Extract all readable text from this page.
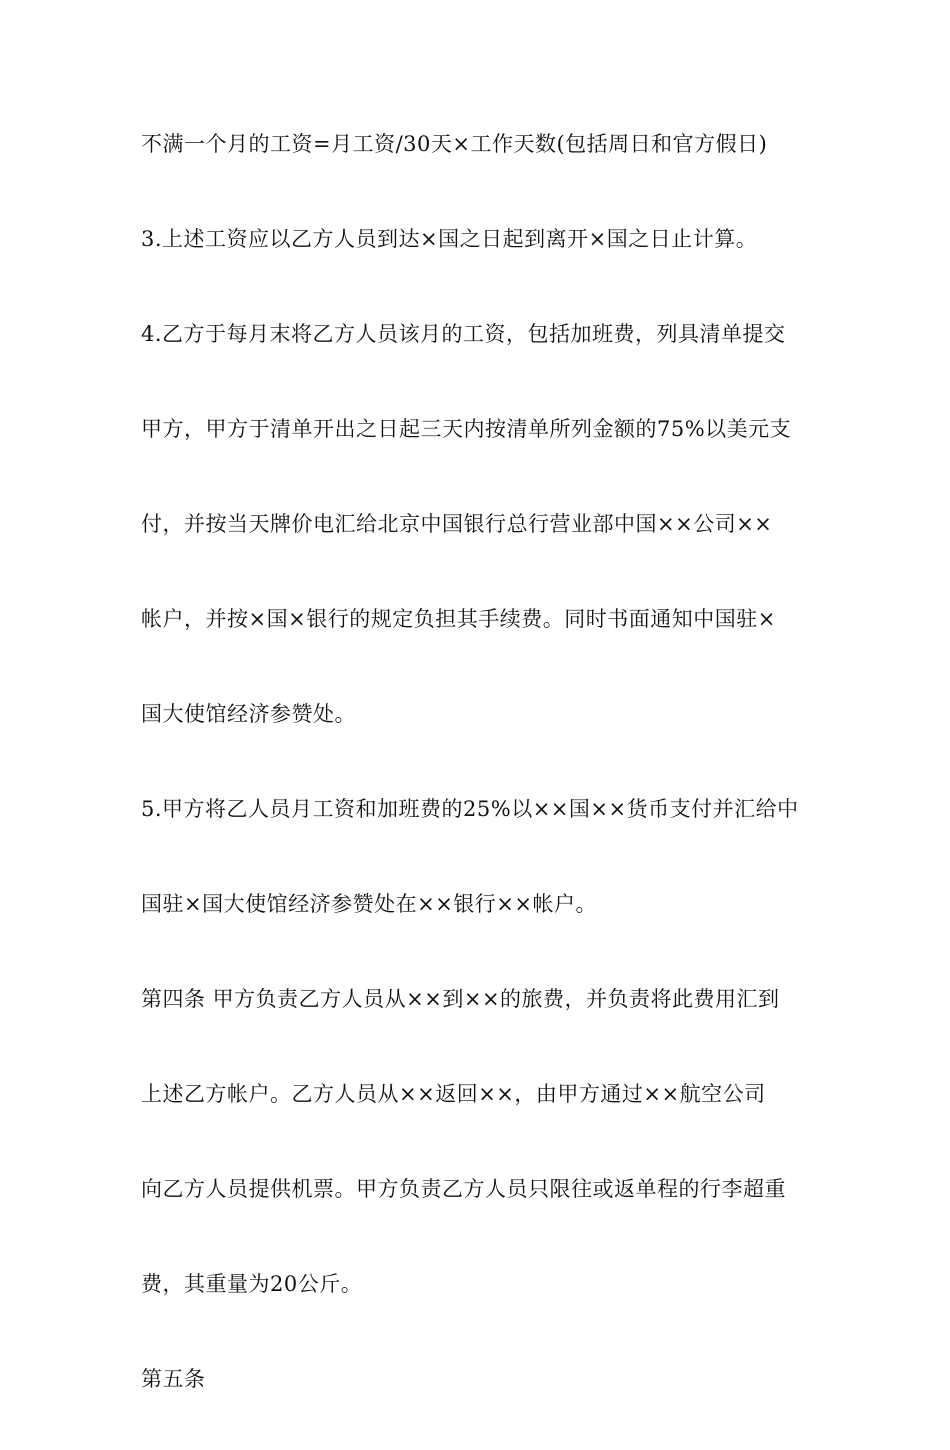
不满一个月的工资=月工资/30天×工作天数(包括周日和官方假日)
3.上述工资应以乙方人员到达×国之日起到离开×国之日止计算。
4.乙方于每月末将乙方人员该月的工资，包括加班费，列具清单提交
甲方，甲方于清单开出之日起三天内按清单所列金额的75%以美元支
付，并按当天牌价电汇给北京中国银行总行营业部中国××公司××
帐户，并按×国×银行的规定负担其手续费。同时书面通知中国驻×
国大使馆经济参赞处。
5.甲方将乙人员月工资和加班费的25%以××国××货币支付并汇给中
国驻×国大使馆经济参赞处在××银行××帐户。
第四条 甲方负责乙方人员从××到××的旅费，并负责将此费用汇到
上述乙方帐户。乙方人员从××返回××，由甲方通过××航空公司
向乙方人员提供机票。甲方负责乙方人员只限往或返单程的行李超重
费，其重量为20公斤。
第五条
